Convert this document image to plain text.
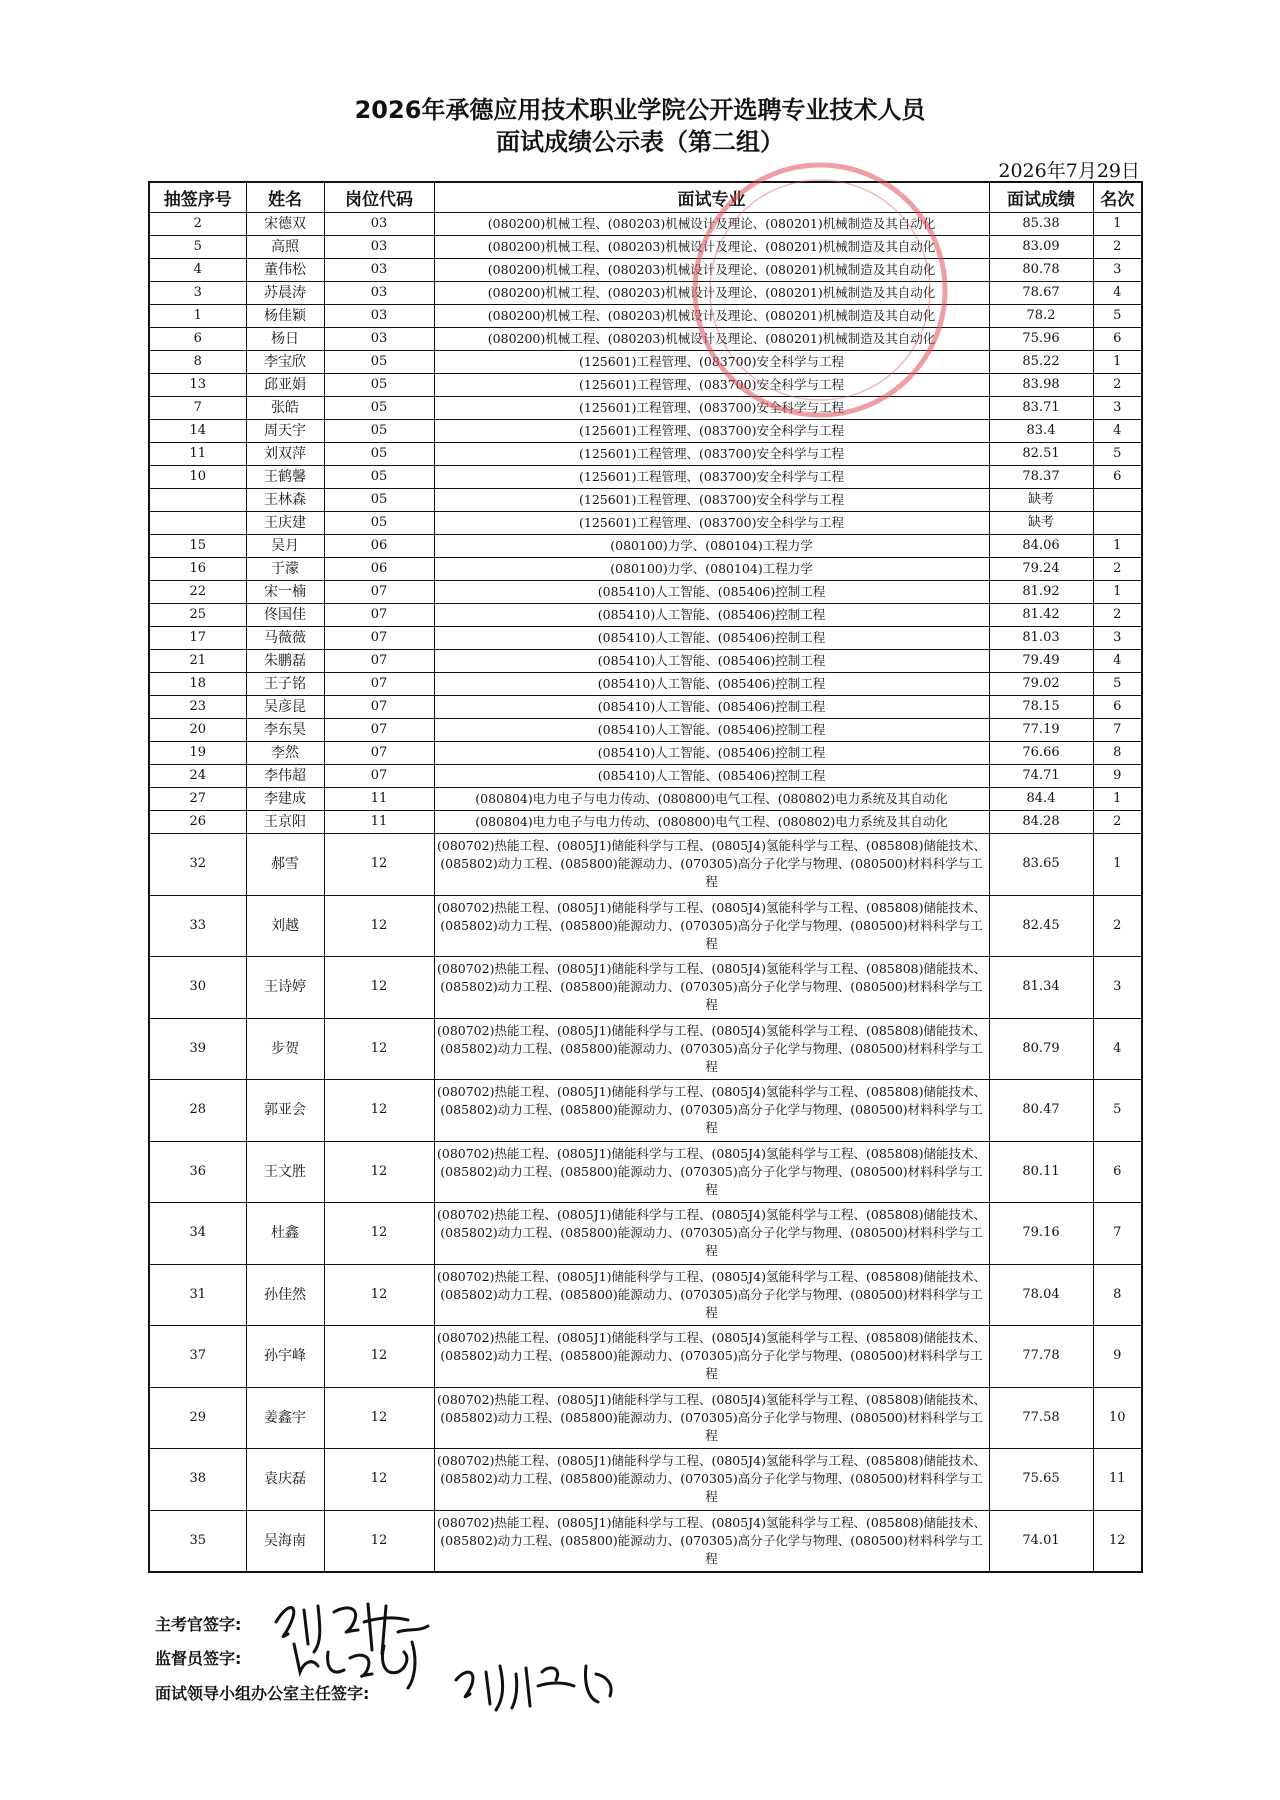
2026年承德应用技术职业学院公开选聘专业技术人员
面试成绩公示表（第二组）
2026年7月29日
抽签序号	姓名	岗位代码	面试专业	面试成绩	名次
2	宋德双	03	(080200)机械工程、(080203)机械设计及理论、(080201)机械制造及其自动化	85.38	1
5	高照	03	(080200)机械工程、(080203)机械设计及理论、(080201)机械制造及其自动化	83.09	2
4	董伟松	03	(080200)机械工程、(080203)机械设计及理论、(080201)机械制造及其自动化	80.78	3
3	苏晨涛	03	(080200)机械工程、(080203)机械设计及理论、(080201)机械制造及其自动化	78.67	4
1	杨佳颖	03	(080200)机械工程、(080203)机械设计及理论、(080201)机械制造及其自动化	78.2	5
6	杨日	03	(080200)机械工程、(080203)机械设计及理论、(080201)机械制造及其自动化	75.96	6
8	李宝欣	05	(125601)工程管理、(083700)安全科学与工程	85.22	1
13	邱亚娟	05	(125601)工程管理、(083700)安全科学与工程	83.98	2
7	张皓	05	(125601)工程管理、(083700)安全科学与工程	83.71	3
14	周天宇	05	(125601)工程管理、(083700)安全科学与工程	83.4	4
11	刘双萍	05	(125601)工程管理、(083700)安全科学与工程	82.51	5
10	王鹤馨	05	(125601)工程管理、(083700)安全科学与工程	78.37	6
	王林森	05	(125601)工程管理、(083700)安全科学与工程	缺考	
	王庆建	05	(125601)工程管理、(083700)安全科学与工程	缺考	
15	吴月	06	(080100)力学、(080104)工程力学	84.06	1
16	于濛	06	(080100)力学、(080104)工程力学	79.24	2
22	宋一楠	07	(085410)人工智能、(085406)控制工程	81.92	1
25	佟国佳	07	(085410)人工智能、(085406)控制工程	81.42	2
17	马薇薇	07	(085410)人工智能、(085406)控制工程	81.03	3
21	朱鹏磊	07	(085410)人工智能、(085406)控制工程	79.49	4
18	王子铭	07	(085410)人工智能、(085406)控制工程	79.02	5
23	吴彦昆	07	(085410)人工智能、(085406)控制工程	78.15	6
20	李东昊	07	(085410)人工智能、(085406)控制工程	77.19	7
19	李然	07	(085410)人工智能、(085406)控制工程	76.66	8
24	李伟超	07	(085410)人工智能、(085406)控制工程	74.71	9
27	李建成	11	(080804)电力电子与电力传动、(080800)电气工程、(080802)电力系统及其自动化	84.4	1
26	王京阳	11	(080804)电力电子与电力传动、(080800)电气工程、(080802)电力系统及其自动化	84.28	2
32	郝雪	12	(080702)热能工程、(0805J1)储能科学与工程、(0805J4)氢能科学与工程、(085808)储能技术、(085802)动力工程、(085800)能源动力、(070305)高分子化学与物理、(080500)材料科学与工程	83.65	1
33	刘越	12	(080702)热能工程、(0805J1)储能科学与工程、(0805J4)氢能科学与工程、(085808)储能技术、(085802)动力工程、(085800)能源动力、(070305)高分子化学与物理、(080500)材料科学与工程	82.45	2
30	王诗婷	12	(080702)热能工程、(0805J1)储能科学与工程、(0805J4)氢能科学与工程、(085808)储能技术、(085802)动力工程、(085800)能源动力、(070305)高分子化学与物理、(080500)材料科学与工程	81.34	3
39	步贺	12	(080702)热能工程、(0805J1)储能科学与工程、(0805J4)氢能科学与工程、(085808)储能技术、(085802)动力工程、(085800)能源动力、(070305)高分子化学与物理、(080500)材料科学与工程	80.79	4
28	郭亚会	12	(080702)热能工程、(0805J1)储能科学与工程、(0805J4)氢能科学与工程、(085808)储能技术、(085802)动力工程、(085800)能源动力、(070305)高分子化学与物理、(080500)材料科学与工程	80.47	5
36	王文胜	12	(080702)热能工程、(0805J1)储能科学与工程、(0805J4)氢能科学与工程、(085808)储能技术、(085802)动力工程、(085800)能源动力、(070305)高分子化学与物理、(080500)材料科学与工程	80.11	6
34	杜鑫	12	(080702)热能工程、(0805J1)储能科学与工程、(0805J4)氢能科学与工程、(085808)储能技术、(085802)动力工程、(085800)能源动力、(070305)高分子化学与物理、(080500)材料科学与工程	79.16	7
31	孙佳然	12	(080702)热能工程、(0805J1)储能科学与工程、(0805J4)氢能科学与工程、(085808)储能技术、(085802)动力工程、(085800)能源动力、(070305)高分子化学与物理、(080500)材料科学与工程	78.04	8
37	孙宇峰	12	(080702)热能工程、(0805J1)储能科学与工程、(0805J4)氢能科学与工程、(085808)储能技术、(085802)动力工程、(085800)能源动力、(070305)高分子化学与物理、(080500)材料科学与工程	77.78	9
29	姜鑫宇	12	(080702)热能工程、(0805J1)储能科学与工程、(0805J4)氢能科学与工程、(085808)储能技术、(085802)动力工程、(085800)能源动力、(070305)高分子化学与物理、(080500)材料科学与工程	77.58	10
38	袁庆磊	12	(080702)热能工程、(0805J1)储能科学与工程、(0805J4)氢能科学与工程、(085808)储能技术、(085802)动力工程、(085800)能源动力、(070305)高分子化学与物理、(080500)材料科学与工程	75.65	11
35	吴海南	12	(080702)热能工程、(0805J1)储能科学与工程、(0805J4)氢能科学与工程、(085808)储能技术、(085802)动力工程、(085800)能源动力、(070305)高分子化学与物理、(080500)材料科学与工程	74.01	12
主考官签字:
监督员签字:
面试领导小组办公室主任签字:
